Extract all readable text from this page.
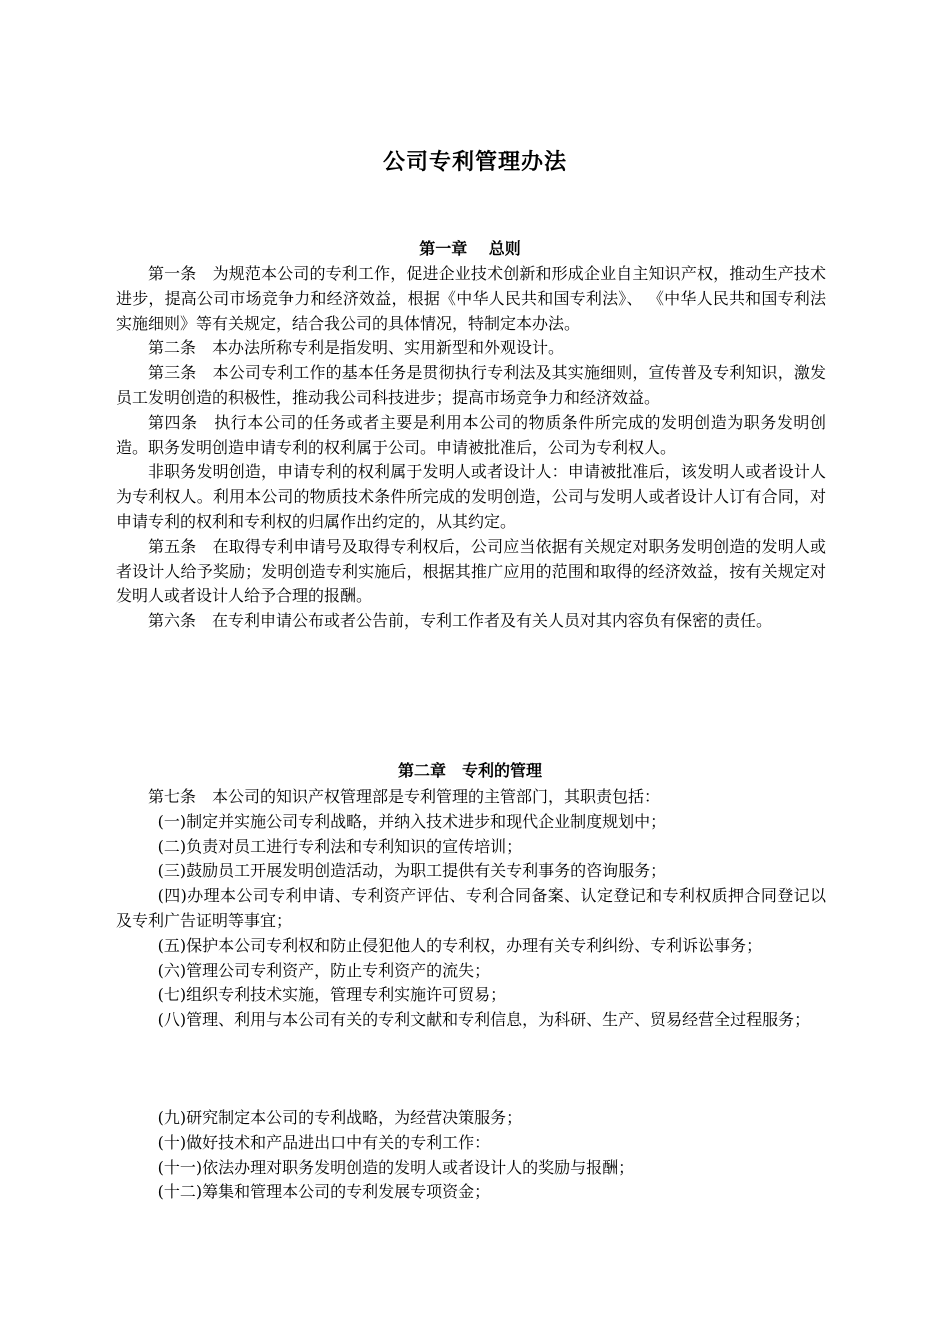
公司专利管理办法
第一章　 总则

第一条　为规范本公司的专利工作，促进企业技术创新和形成企业自主知识产权，推动生产技术进步，提高公司市场竞争力和经济效益，根据《中华人民共和国专利法》、 《中华人民共和国专利法实施细则》等有关规定，结合我公司的具体情况，特制定本办法。

第二条　本办法所称专利是指发明、实用新型和外观设计。

第三条　本公司专利工作的基本任务是贯彻执行专利法及其实施细则，宣传普及专利知识，激发员工发明创造的积极性，推动我公司科技进步；提高市场竞争力和经济效益。

第四条　执行本公司的任务或者主要是利用本公司的物质条件所完成的发明创造为职务发明创造。职务发明创造申请专利的权利属于公司。申请被批准后，公司为专利权人。

非职务发明创造，申请专利的权利属于发明人或者设计人：申请被批准后，该发明人或者设计人为专利权人。利用本公司的物质技术条件所完成的发明创造，公司与发明人或者设计人订有合同，对申请专利的权利和专利权的归属作出约定的，从其约定。

第五条　在取得专利申请号及取得专利权后，公司应当依据有关规定对职务发明创造的发明人或者设计人给予奖励；发明创造专利实施后，根据其推广应用的范围和取得的经济效益，按有关规定对发明人或者设计人给予合理的报酬。

第六条　在专利申请公布或者公告前，专利工作者及有关人员对其内容负有保密的责任。

第二章　专利的管理

第七条　本公司的知识产权管理部是专利管理的主管部门，其职责包括：

(一)制定并实施公司专利战略，并纳入技术进步和现代企业制度规划中；

(二)负责对员工进行专利法和专利知识的宣传培训；

(三)鼓励员工开展发明创造活动，为职工提供有关专利事务的咨询服务；

(四)办理本公司专利申请、专利资产评估、专利合同备案、认定登记和专利权质押合同登记以及专利广告证明等事宜；

(五)保护本公司专利权和防止侵犯他人的专利权，办理有关专利纠纷、专利诉讼事务；

(六)管理公司专利资产，防止专利资产的流失；

(七)组织专利技术实施，管理专利实施许可贸易；

(八)管理、利用与本公司有关的专利文献和专利信息，为科研、生产、贸易经营全过程服务；

(九)研究制定本公司的专利战略，为经营决策服务；

(十)做好技术和产品进出口中有关的专利工作：

(十一)依法办理对职务发明创造的发明人或者设计人的奖励与报酬；

(十二)筹集和管理本公司的专利发展专项资金；
